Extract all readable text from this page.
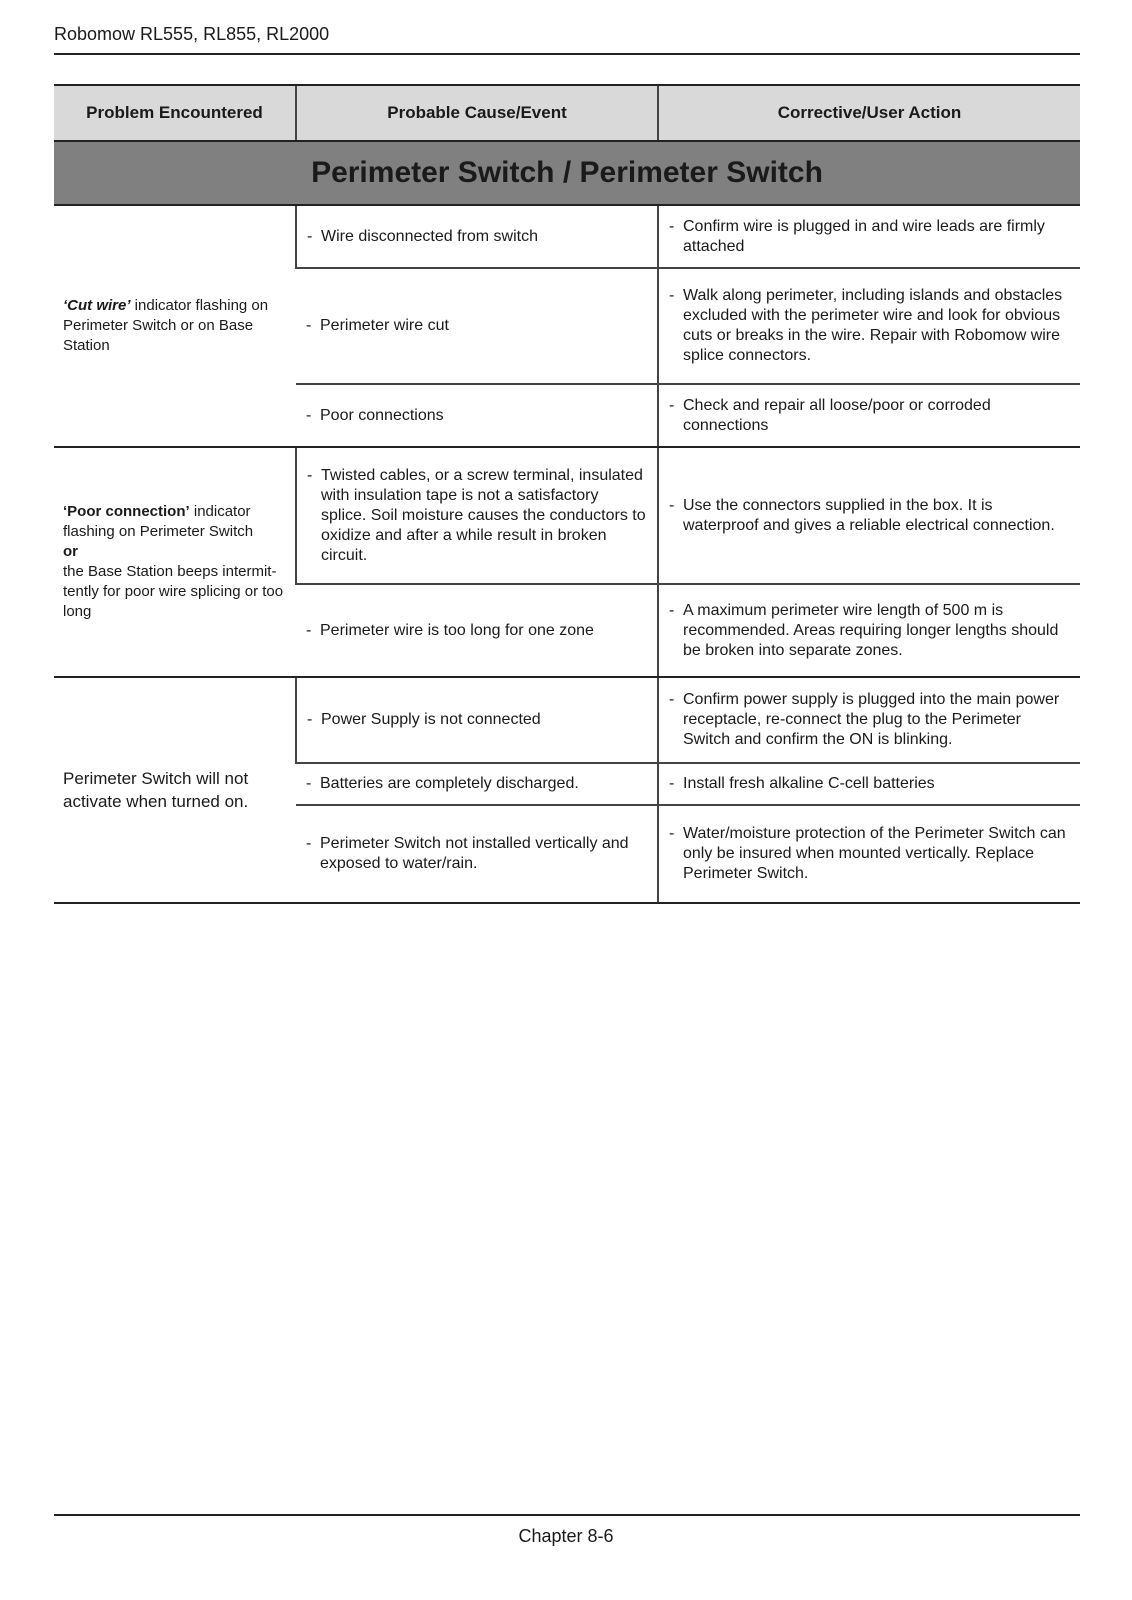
Robomow RL555, RL855, RL2000
Problem Encountered	Probable Cause/Event	Corrective/User Action
Perimeter Switch / Perimeter Switch		
‘Cut wire’ indicator flashing on Perimeter Switch or on Base Station	- Wire disconnected from switch	- Confirm wire is plugged in and wire leads are firmly attached

	- Perimeter wire cut	- Walk along perimeter, including islands and obstacles excluded with the perimeter wire and look for obvious cuts or breaks in the wire. Repair with Robomow wire splice connectors.

	- Poor connections	- Check and repair all loose/poor or corroded connections

‘Poor connection’ indicator flashing on Perimeter Switch
or
the Base Station beeps intermit-tently for poor wire splicing or too long	- Twisted cables, or a screw terminal, insulated with insulation tape is not a satisfactory splice. Soil moisture causes the conductors to oxidize and after a while result in broken circuit.	- Use the connectors supplied in the box. It is waterproof and gives a reliable electrical connection.

	- Perimeter wire is too long for one zone	- A maximum perimeter wire length of 500 m is recommended. Areas requiring longer lengths should be broken into separate zones.

Perimeter Switch will not activate when turned on.	- Power Supply is not connected	- Confirm power supply is plugged into the main power receptacle, re-connect the plug to the Perimeter Switch and confirm the ON is blinking.

	- Batteries are completely discharged.	- Install fresh alkaline C-cell batteries

	- Perimeter Switch not installed vertically and exposed to water/rain.	- Water/moisture protection of the Perimeter Switch can only be insured when mounted vertically. Replace Perimeter Switch.
Chapter 8-6
